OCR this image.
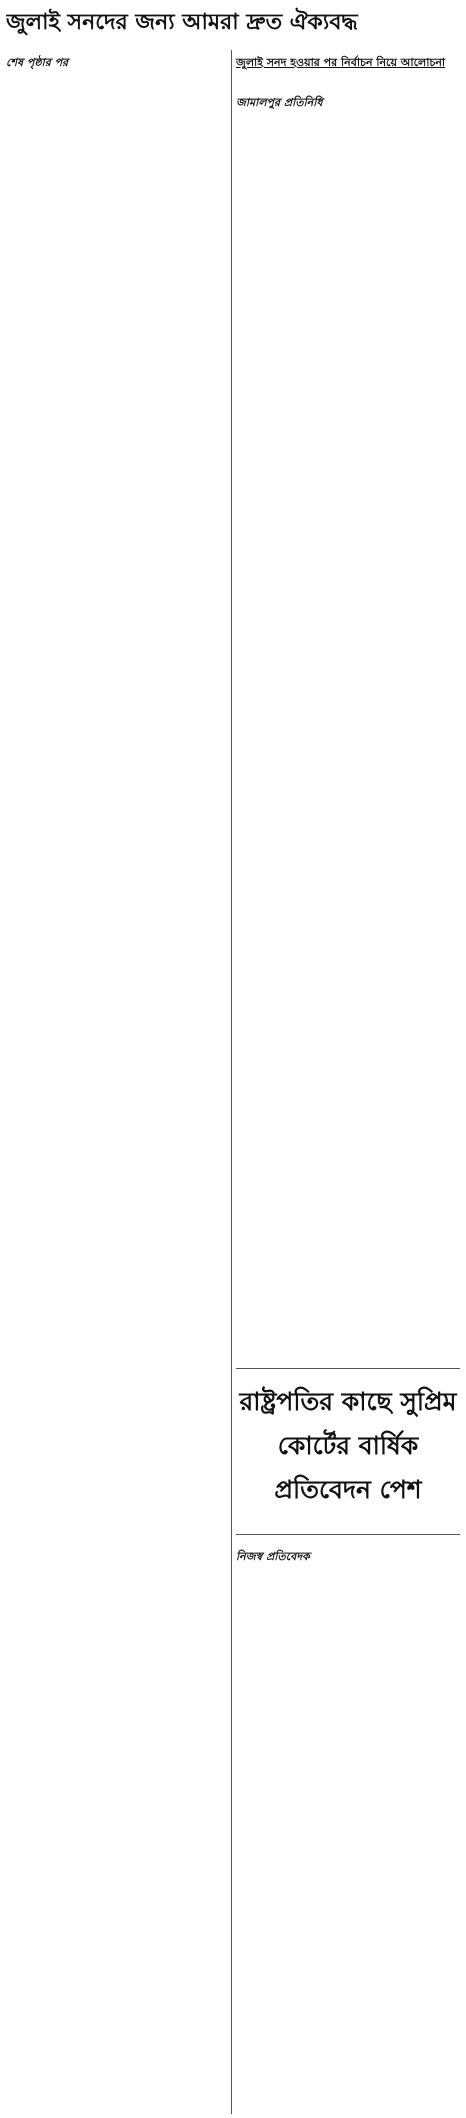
জুলাই সনদের জন্য আমরা দ্রুত ঐক্যবদ্ধ
শেষ পৃষ্ঠার পর	জুলাই সনদ হওয়ার পর নির্বাচন নিয়ে আলোচনা
জামালপুর প্রতিনিধি
রাষ্ট্রপতির কাছে সুপ্রিম কোর্টের বার্ষিক প্রতিবেদন পেশ
নিজস্ব প্রতিবেদক
